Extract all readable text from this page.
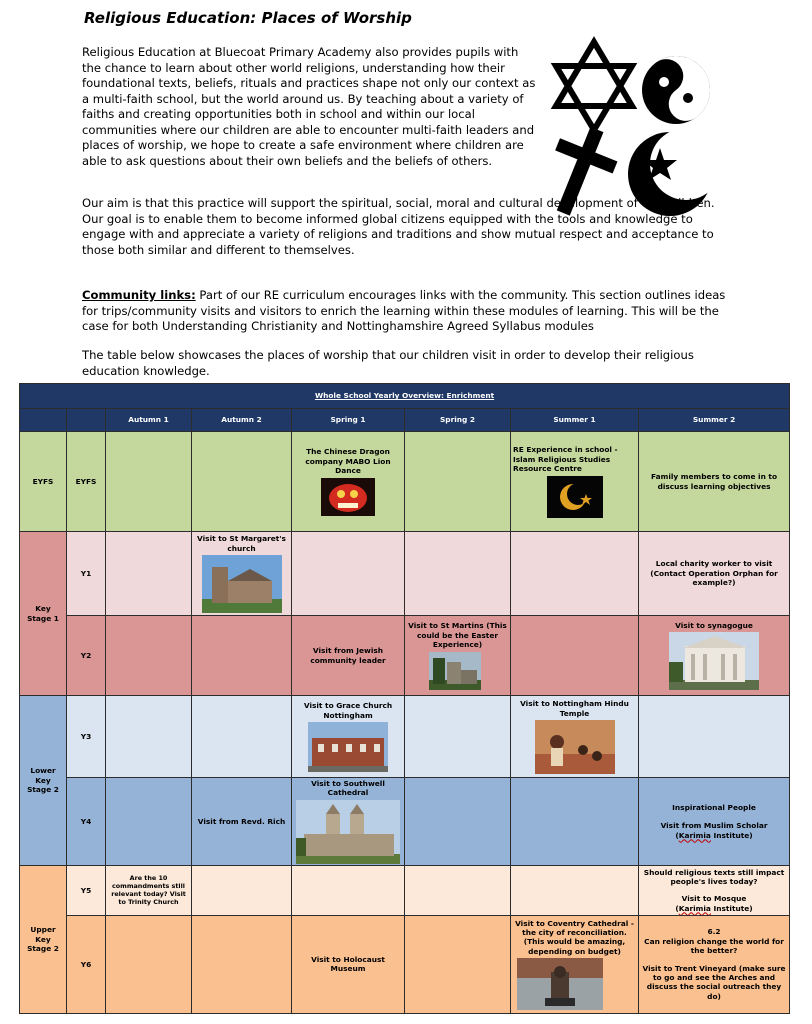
Religious Education: Places of Worship

Religious Education at Bluecoat Primary Academy also provides pupils with the chance to learn about other world religions, understanding how their foundational texts, beliefs, rituals and practices shape not only our context as a multi-faith school, but the world around us. By teaching about a variety of faiths and creating opportunities both in school and within our local communities where our children are able to encounter multi-faith leaders and places of worship, we hope to create a safe environment where children are able to ask questions about their own beliefs and the beliefs of others.

Our aim is that this practice will support the spiritual, social, moral and cultural development of our children. Our goal is to enable them to become informed global citizens equipped with the tools and knowledge to engage with and appreciate a variety of religions and traditions and show mutual respect and acceptance to those both similar and different to themselves.

Community links: Part of our RE curriculum encourages links with the community. This section outlines ideas for trips/community visits and visitors to enrich the learning within these modules of learning. This will be the case for both Understanding Christianity and Nottinghamshire Agreed Syllabus modules

The table below showcases the places of worship that our children visit in order to develop their religious education knowledge.

Whole School Yearly Overview: Enrichment							
		Autumn 1	Autumn 2	Spring 1	Spring 2	Summer 1	Summer 2
EYFS	EYFS			The Chinese Dragon company MABO Lion Dance		RE Experience in school - Islam Religious Studies Resource Centre	Family members to come in to discuss learning objectives
Key Stage 1	Y1		Visit to St Margaret's church				Local charity worker to visit (Contact Operation Orphan for example?)
	Y2			Visit from Jewish community leader	Visit to St Martins (This could be the Easter Experience)		Visit to synagogue

Lower Key Stage 2	Y3			Visit to Grace Church Nottingham		Visit to Nottingham Hindu Temple	

	Y4		Visit from Revd. Rich	Visit to Southwell Cathedral			Inspirational People
Visit from Muslim Scholar
(Karimia Institute)

Upper Key Stage 2	Y5	Are the 10 commandments still relevant today? Visit to Trinity Church					Should religious texts still impact people's lives today?
Visit to Mosque
(Karimia Institute)

	Y6			Visit to Holocaust Museum		Visit to Coventry Cathedral - the city of reconciliation. (This would be amazing, depending on budget)	6.2
Can religion change the world for the better?
Visit to Trent Vineyard (make sure to go and see the Arches and discuss the social outreach they do)
